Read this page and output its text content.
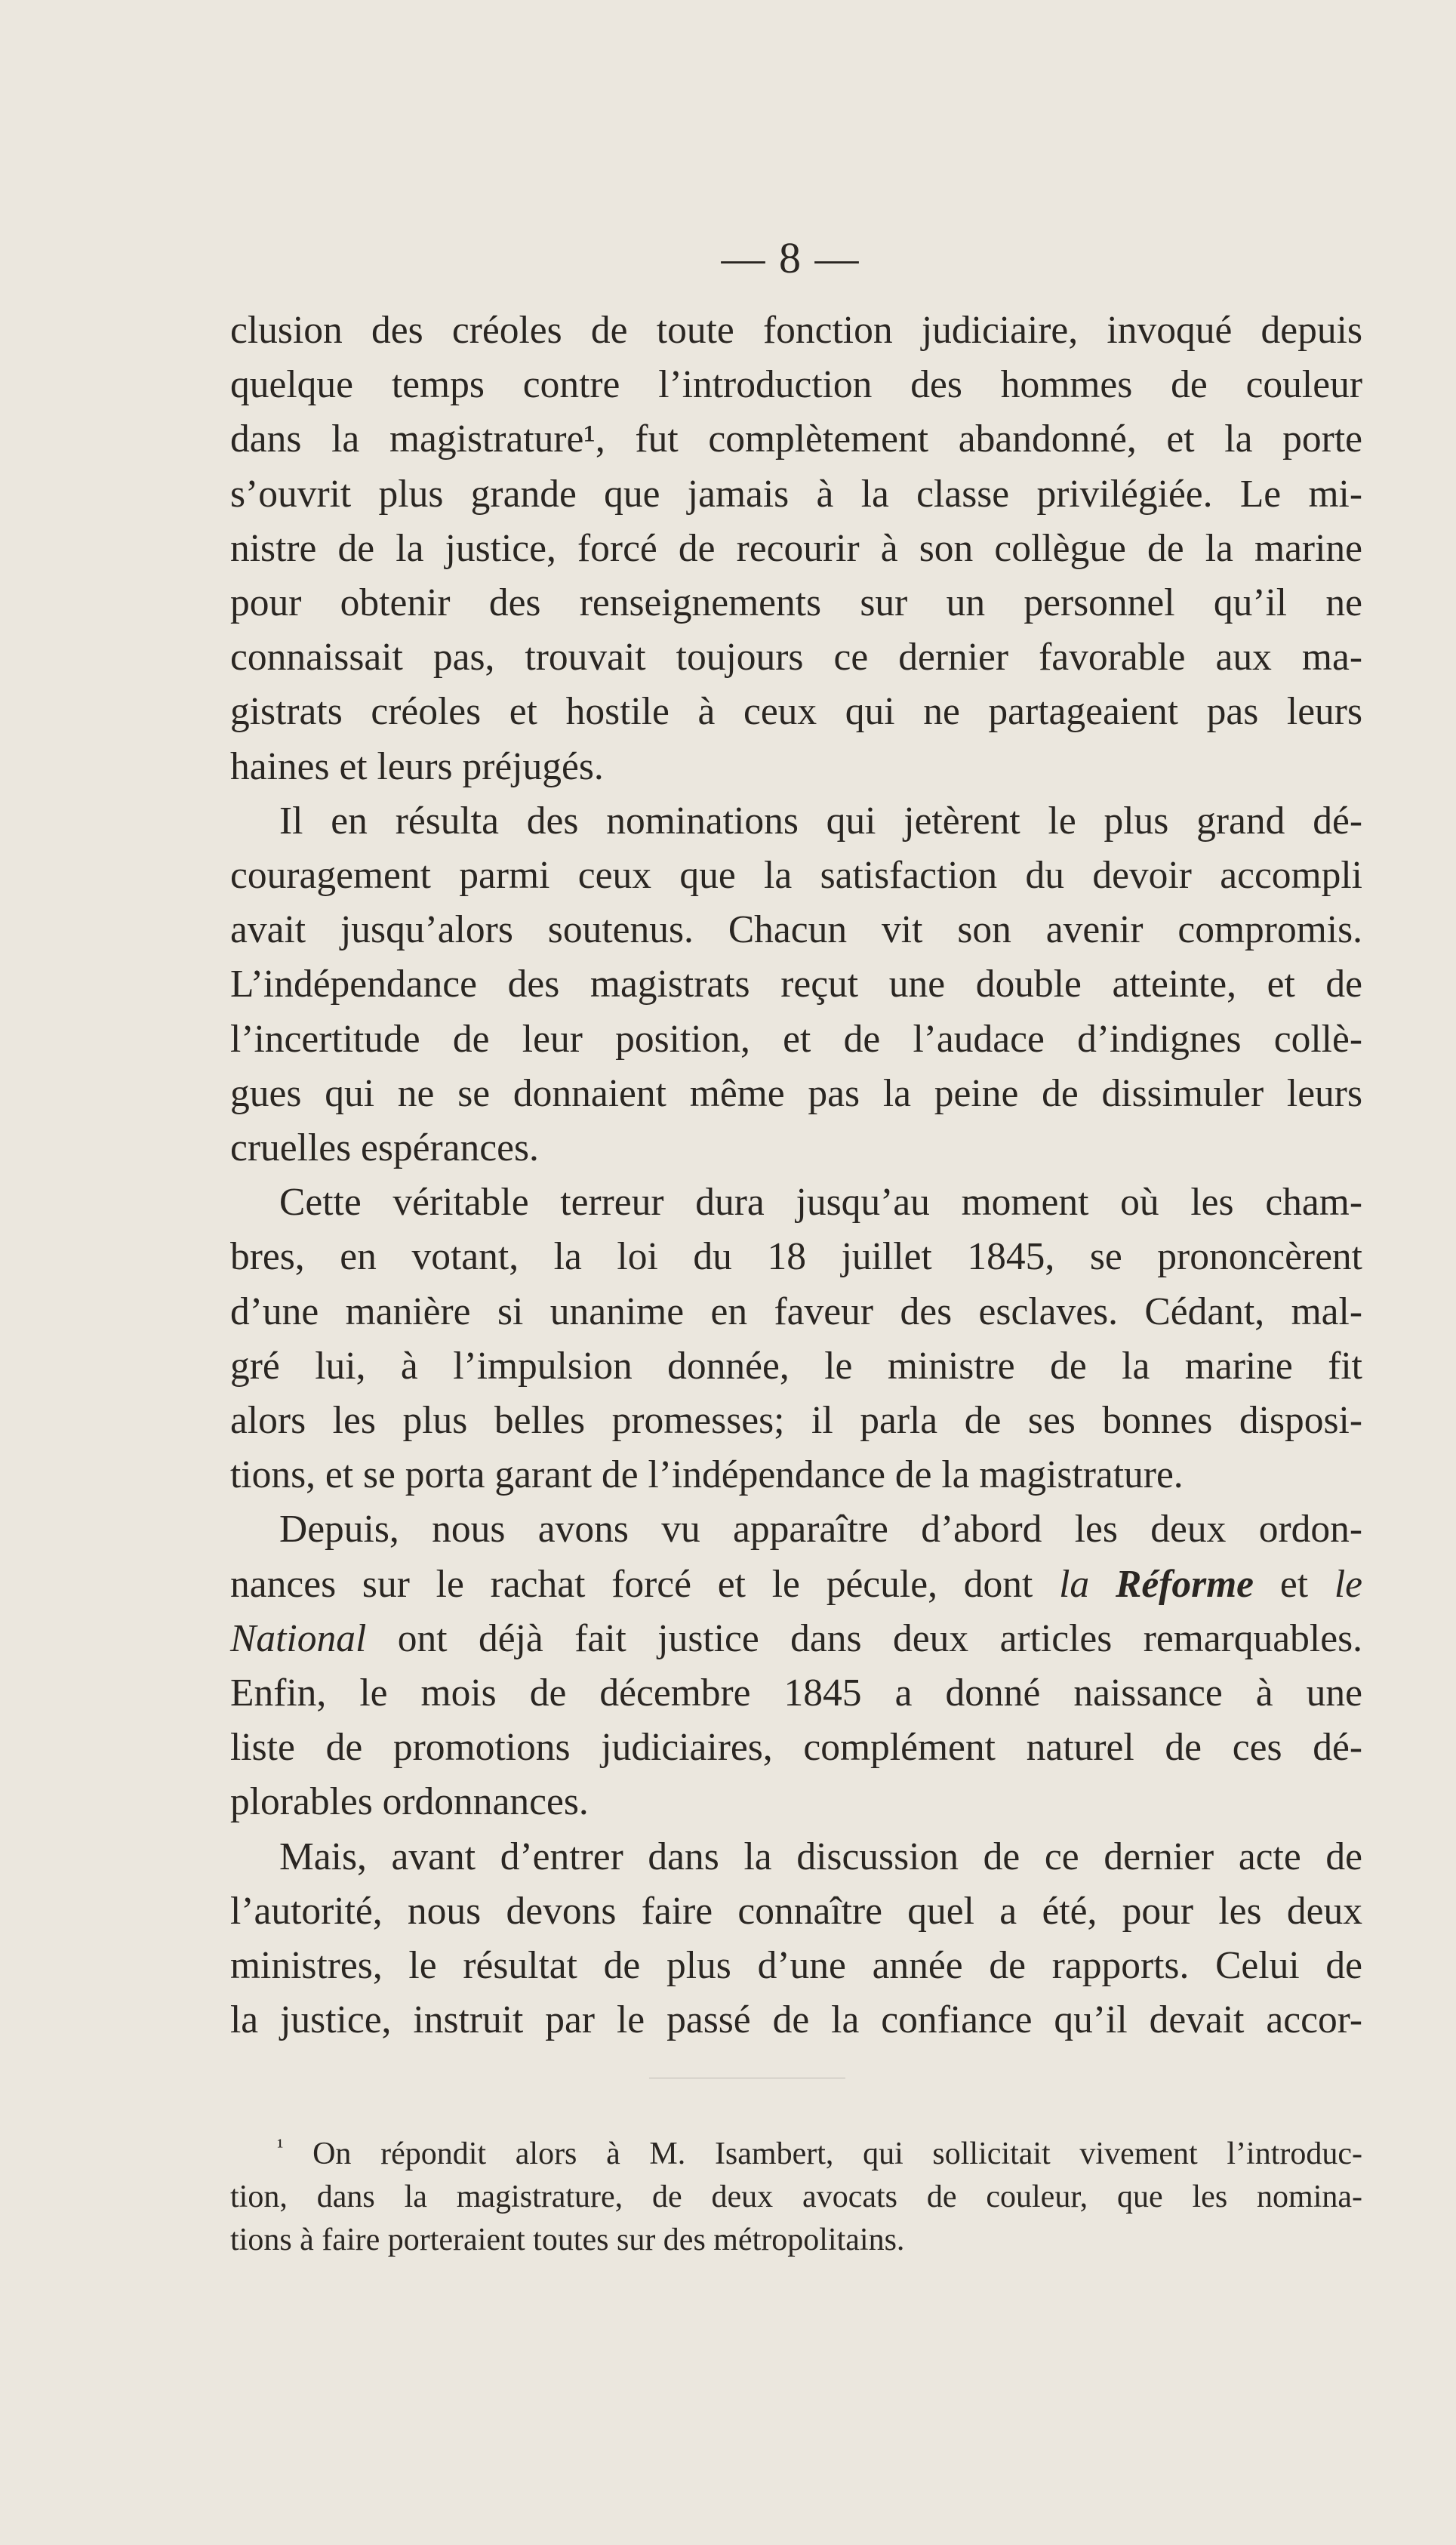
— 8 —
clusion des créoles de toute fonction judiciaire, invoqué depuis
quelque temps contre l’introduction des hommes de couleur
dans la magistrature¹, fut complètement abandonné, et la porte
s’ouvrit plus grande que jamais à la classe privilégiée. Le mi-
nistre de la justice, forcé de recourir à son collègue de la marine
pour obtenir des renseignements sur un personnel qu’il ne
connaissait pas, trouvait toujours ce dernier favorable aux ma-
gistrats créoles et hostile à ceux qui ne partageaient pas leurs
haines et leurs préjugés.
Il en résulta des nominations qui jetèrent le plus grand dé-
couragement parmi ceux que la satisfaction du devoir accompli
avait jusqu’alors soutenus. Chacun vit son avenir compromis.
L’indépendance des magistrats reçut une double atteinte, et de
l’incertitude de leur position, et de l’audace d’indignes collè-
gues qui ne se donnaient même pas la peine de dissimuler leurs
cruelles espérances.
Cette véritable terreur dura jusqu’au moment où les cham-
bres, en votant, la loi du 18 juillet 1845, se prononcèrent
d’une manière si unanime en faveur des esclaves. Cédant, mal-
gré lui, à l’impulsion donnée, le ministre de la marine fit
alors les plus belles promesses; il parla de ses bonnes disposi-
tions, et se porta garant de l’indépendance de la magistrature.
Depuis, nous avons vu apparaître d’abord les deux ordon-
nances sur le rachat forcé et le pécule, dont la Réforme et le
National ont déjà fait justice dans deux articles remarquables.
Enfin, le mois de décembre 1845 a donné naissance à une
liste de promotions judiciaires, complément naturel de ces dé-
plorables ordonnances.
Mais, avant d’entrer dans la discussion de ce dernier acte de
l’autorité, nous devons faire connaître quel a été, pour les deux
ministres, le résultat de plus d’une année de rapports. Celui de
la justice, instruit par le passé de la confiance qu’il devait accor-
$^{^1}$ On répondit alors à M. Isambert, qui sollicitait vivement l’introduc-
tion, dans la magistrature, de deux avocats de couleur, que les nomina-
tions à faire porteraient toutes sur des métropolitains.
